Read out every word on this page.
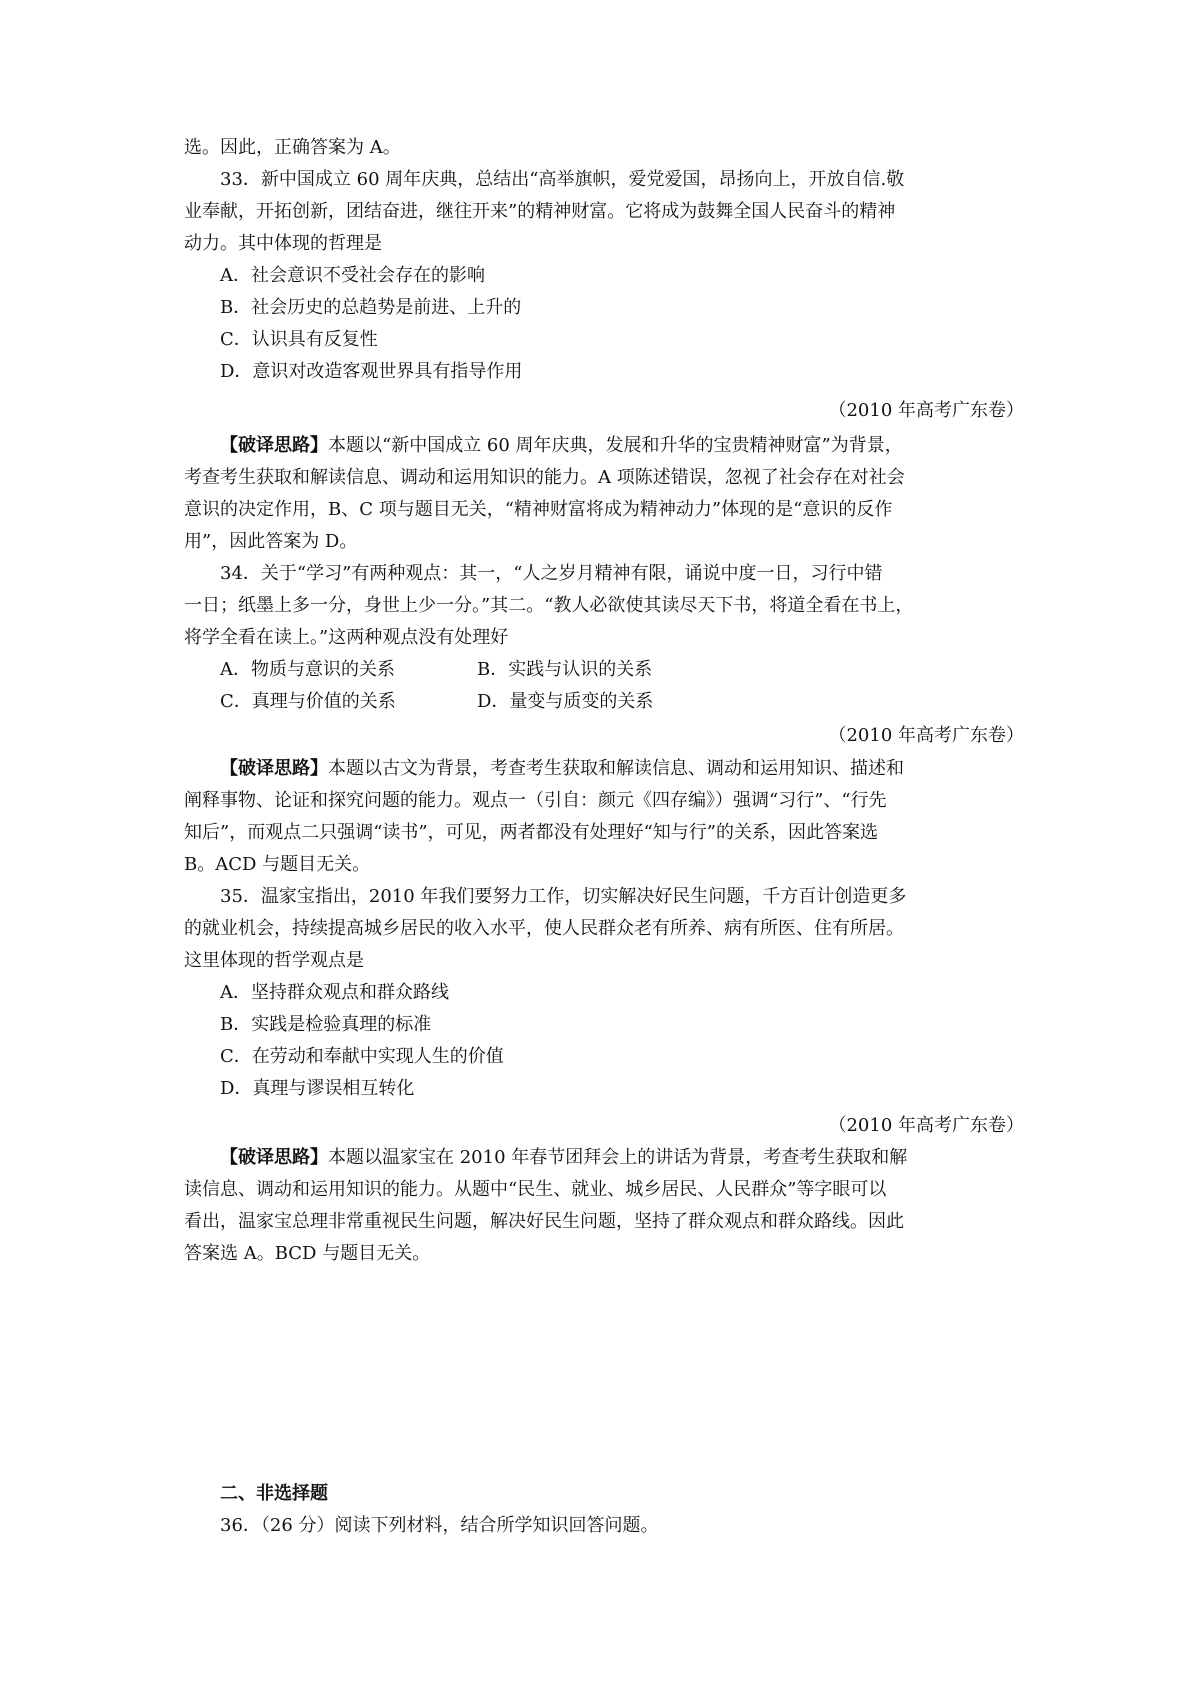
选。因此，正确答案为 A。
33．新中国成立 60 周年庆典，总结出“高举旗帜，爱党爱国，昂扬向上，开放自信.敬
业奉献，开拓创新，团结奋进，继往开来”的精神财富。它将成为鼓舞全国人民奋斗的精神
动力。其中体现的哲理是
A．社会意识不受社会存在的影响
B．社会历史的总趋势是前进、上升的
C．认识具有反复性
D．意识对改造客观世界具有指导作用
（2010 年高考广东卷）
【破译思路】本题以“新中国成立 60 周年庆典，发展和升华的宝贵精神财富”为背景，
考查考生获取和解读信息、调动和运用知识的能力。A 项陈述错误，忽视了社会存在对社会
意识的决定作用，B、C 项与题目无关，“精神财富将成为精神动力”体现的是“意识的反作
用”，因此答案为 D。
34．关于“学习”有两种观点：其一，“人之岁月精神有限，诵说中度一日，习行中错
一日；纸墨上多一分，身世上少一分。”其二。“教人必欲使其读尽天下书，将道全看在书上，
将学全看在读上。”这两种观点没有处理好
A．物质与意识的关系	B．实践与认识的关系
C．真理与价值的关系	D．量变与质变的关系
（2010 年高考广东卷）
【破译思路】本题以古文为背景，考查考生获取和解读信息、调动和运用知识、描述和
阐释事物、论证和探究问题的能力。观点一（引自：颜元《四存编》）强调“习行”、“行先
知后”，而观点二只强调“读书”，可见，两者都没有处理好“知与行”的关系，因此答案选
B。ACD 与题目无关。
35．温家宝指出，2010 年我们要努力工作，切实解决好民生问题，千方百计创造更多
的就业机会，持续提高城乡居民的收入水平，使人民群众老有所养、病有所医、住有所居。
这里体现的哲学观点是
A．坚持群众观点和群众路线
B．实践是检验真理的标准
C．在劳动和奉献中实现人生的价值
D．真理与谬误相互转化
（2010 年高考广东卷）
【破译思路】本题以温家宝在 2010 年春节团拜会上的讲话为背景，考查考生获取和解
读信息、调动和运用知识的能力。从题中“民生、就业、城乡居民、人民群众”等字眼可以
看出，温家宝总理非常重视民生问题，解决好民生问题，坚持了群众观点和群众路线。因此
答案选 A。BCD 与题目无关。
二、非选择题
36．（26 分）阅读下列材料，结合所学知识回答问题。
